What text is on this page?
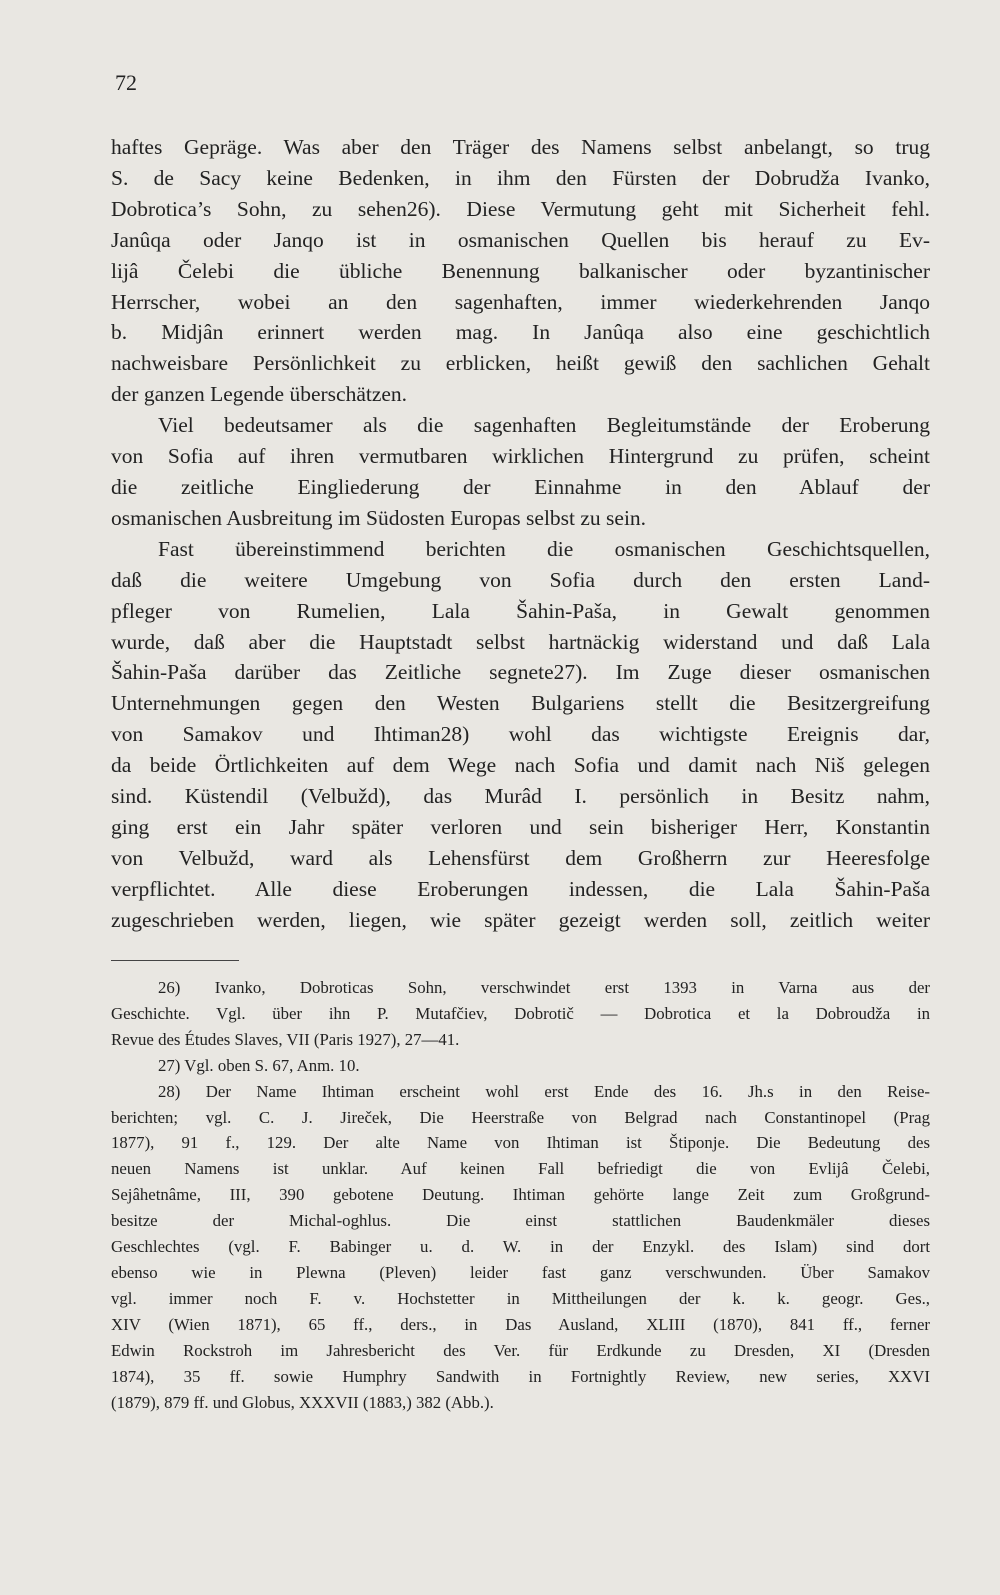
72
haftes Gepräge. Was aber den Träger des Namens selbst anbelangt, so trug
S. de Sacy keine Bedenken, in ihm den Fürsten der Dobrudža Ivanko,
Dobrotica’s Sohn, zu sehen26). Diese Vermutung geht mit Sicherheit fehl.
Janûqa oder Janqo ist in osmanischen Quellen bis herauf zu Ev-
lijâ Čelebi die übliche Benennung balkanischer oder byzantinischer
Herrscher, wobei an den sagenhaften, immer wiederkehrenden Janqo
b. Midjân erinnert werden mag. In Janûqa also eine geschichtlich
nachweisbare Persönlichkeit zu erblicken, heißt gewiß den sachlichen Gehalt
der ganzen Legende überschätzen.
Viel bedeutsamer als die sagenhaften Begleitumstände der Eroberung
von Sofia auf ihren vermutbaren wirklichen Hintergrund zu prüfen, scheint
die zeitliche Eingliederung der Einnahme in den Ablauf der
osmanischen Ausbreitung im Südosten Europas selbst zu sein.
Fast übereinstimmend berichten die osmanischen Geschichtsquellen,
daß die weitere Umgebung von Sofia durch den ersten Land-
pfleger von Rumelien, Lala Šahin-Paša, in Gewalt genommen
wurde, daß aber die Hauptstadt selbst hartnäckig widerstand und daß Lala
Šahin-Paša darüber das Zeitliche segnete27). Im Zuge dieser osmanischen
Unternehmungen gegen den Westen Bulgariens stellt die Besitzergreifung
von Samakov und Ihtiman28) wohl das wichtigste Ereignis dar,
da beide Örtlichkeiten auf dem Wege nach Sofia und damit nach Niš gelegen
sind. Küstendil (Velbužd), das Murâd I. persönlich in Besitz nahm,
ging erst ein Jahr später verloren und sein bisheriger Herr, Konstantin
von Velbužd, ward als Lehensfürst dem Großherrn zur Heeresfolge
verpflichtet. Alle diese Eroberungen indessen, die Lala Šahin-Paša
zugeschrieben werden, liegen, wie später gezeigt werden soll, zeitlich weiter
26) Ivanko, Dobroticas Sohn, verschwindet erst 1393 in Varna aus der
Geschichte. Vgl. über ihn P. Mutafčiev, Dobrotič — Dobrotica et la Dobroudža in
Revue des Études Slaves, VII (Paris 1927), 27—41.
27) Vgl. oben S. 67, Anm. 10.
28) Der Name Ihtiman erscheint wohl erst Ende des 16. Jh.s in den Reise-
berichten; vgl. C. J. Jireček, Die Heerstraße von Belgrad nach Constantinopel (Prag
1877), 91 f., 129. Der alte Name von Ihtiman ist Štiponje. Die Bedeutung des
neuen Namens ist unklar. Auf keinen Fall befriedigt die von Evlijâ Čelebi,
Sejâhetnâme, III, 390 gebotene Deutung. Ihtiman gehörte lange Zeit zum Großgrund-
besitze der Michal-oghlus. Die einst stattlichen Baudenkmäler dieses
Geschlechtes (vgl. F. Babinger u. d. W. in der Enzykl. des Islam) sind dort
ebenso wie in Plewna (Pleven) leider fast ganz verschwunden. Über Samakov
vgl. immer noch F. v. Hochstetter in Mittheilungen der k. k. geogr. Ges.,
XIV (Wien 1871), 65 ff., ders., in Das Ausland, XLIII (1870), 841 ff., ferner
Edwin Rockstroh im Jahresbericht des Ver. für Erdkunde zu Dresden, XI (Dresden
1874), 35 ff. sowie Humphry Sandwith in Fortnightly Review, new series, XXVI
(1879), 879 ff. und Globus, XXXVII (1883,) 382 (Abb.).
